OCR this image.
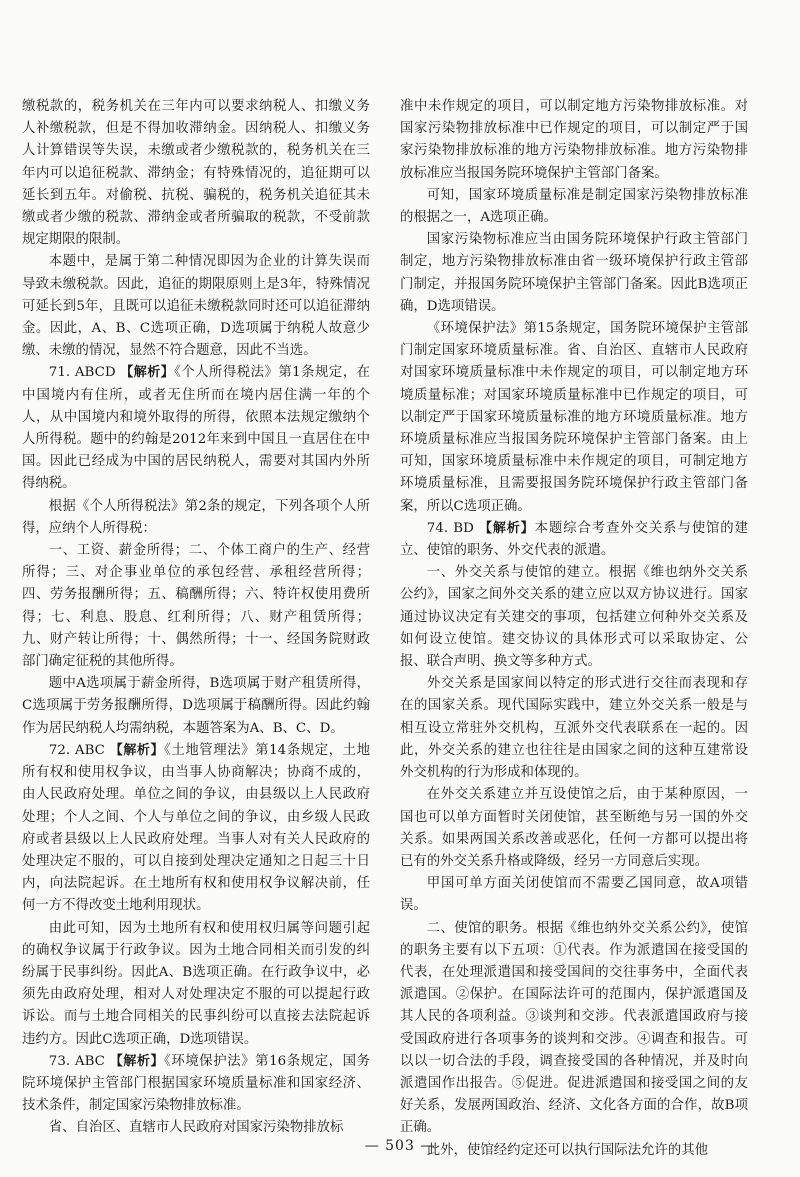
缴税款的，税务机关在三年内可以要求纳税人、扣缴义务人补缴税款，但是不得加收滞纳金。因纳税人、扣缴义务人计算错误等失误，未缴或者少缴税款的，税务机关在三年内可以追征税款、滞纳金；有特殊情况的，追征期可以延长到五年。对偷税、抗税、骗税的，税务机关追征其未缴或者少缴的税款、滞纳金或者所骗取的税款，不受前款规定期限的限制。

本题中，是属于第二种情况即因为企业的计算失误而导致未缴税款。因此，追征的期限原则上是3年，特殊情况可延长到5年，且既可以追征未缴税款同时还可以追征滞纳金。因此，A、B、C选项正确，D选项属于纳税人故意少缴、未缴的情况，显然不符合题意，因此不当选。

71. ABCD 【解析】《个人所得税法》第1条规定，在中国境内有住所，或者无住所而在境内居住满一年的个人，从中国境内和境外取得的所得，依照本法规定缴纳个人所得税。题中的约翰是2012年来到中国且一直居住在中国。因此已经成为中国的居民纳税人，需要对其国内外所得纳税。

根据《个人所得税法》第2条的规定，下列各项个人所得，应纳个人所得税：

一、工资、薪金所得；二、个体工商户的生产、经营所得；三、对企事业单位的承包经营、承租经营所得；四、劳务报酬所得；五、稿酬所得；六、特许权使用费所得；七、利息、股息、红利所得；八、财产租赁所得；九、财产转让所得；十、偶然所得；十一、经国务院财政部门确定征税的其他所得。

题中A选项属于薪金所得，B选项属于财产租赁所得，C选项属于劳务报酬所得，D选项属于稿酬所得。因此约翰作为居民纳税人均需纳税，本题答案为A、B、C、D。

72. ABC 【解析】《土地管理法》第14条规定，土地所有权和使用权争议，由当事人协商解决；协商不成的，由人民政府处理。单位之间的争议，由县级以上人民政府处理；个人之间、个人与单位之间的争议，由乡级人民政府或者县级以上人民政府处理。当事人对有关人民政府的处理决定不服的，可以自接到处理决定通知之日起三十日内，向法院起诉。在土地所有权和使用权争议解决前，任何一方不得改变土地利用现状。

由此可知，因为土地所有权和使用权归属等问题引起的确权争议属于行政争议。因为土地合同相关而引发的纠纷属于民事纠纷。因此A、B选项正确。在行政争议中，必须先由政府处理，相对人对处理决定不服的可以提起行政诉讼。而与土地合同相关的民事纠纷可以直接去法院起诉违约方。因此C选项正确，D选项错误。

73. ABC 【解析】《环境保护法》第16条规定，国务院环境保护主管部门根据国家环境质量标准和国家经济、技术条件，制定国家污染物排放标准。

省、自治区、直辖市人民政府对国家污染物排放标

准中未作规定的项目，可以制定地方污染物排放标准。对国家污染物排放标准中已作规定的项目，可以制定严于国家污染物排放标准的地方污染物排放标准。地方污染物排放标准应当报国务院环境保护主管部门备案。

可知，国家环境质量标准是制定国家污染物排放标准的根据之一，A选项正确。

国家污染物标准应当由国务院环境保护行政主管部门制定，地方污染物排放标准由省一级环境保护行政主管部门制定，并报国务院环境保护主管部门备案。因此B选项正确，D选项错误。

《环境保护法》第15条规定，国务院环境保护主管部门制定国家环境质量标准。省、自治区、直辖市人民政府对国家环境质量标准中未作规定的项目，可以制定地方环境质量标准；对国家环境质量标准中已作规定的项目，可以制定严于国家环境质量标准的地方环境质量标准。地方环境质量标准应当报国务院环境保护主管部门备案。由上可知，国家环境质量标准中未作规定的项目，可制定地方环境质量标准，且需要报国务院环境保护行政主管部门备案，所以C选项正确。

74. BD 【解析】本题综合考查外交关系与使馆的建立、使馆的职务、外交代表的派遣。

一、外交关系与使馆的建立。根据《维也纳外交关系公约》，国家之间外交关系的建立应以双方协议进行。国家通过协议决定有关建交的事项，包括建立何种外交关系及如何设立使馆。建交协议的具体形式可以采取协定、公报、联合声明、换文等多种方式。

外交关系是国家间以特定的形式进行交往而表现和存在的国家关系。现代国际实践中，建立外交关系一般是与相互设立常驻外交机构，互派外交代表联系在一起的。因此，外交关系的建立也往往是由国家之间的这种互建常设外交机构的行为形成和体现的。

在外交关系建立并互设使馆之后，由于某种原因，一国也可以单方面暂时关闭使馆，甚至断绝与另一国的外交关系。如果两国关系改善或恶化，任何一方都可以提出将已有的外交关系升格或降级，经另一方同意后实现。

甲国可单方面关闭使馆而不需要乙国同意，故A项错误。

二、使馆的职务。根据《维也纳外交关系公约》，使馆的职务主要有以下五项：①代表。作为派遣国在接受国的代表，在处理派遣国和接受国间的交往事务中，全面代表派遣国。②保护。在国际法许可的范围内，保护派遣国及其人民的各项利益。③谈判和交涉。代表派遣国政府与接受国政府进行各项事务的谈判和交涉。④调查和报告。可以以一切合法的手段，调查接受国的各种情况，并及时向派遣国作出报告。⑤促进。促进派遣国和接受国之间的友好关系，发展两国政治、经济、文化各方面的合作，故B项正确。

此外，使馆经约定还可以执行国际法允许的其他

— 503 —
